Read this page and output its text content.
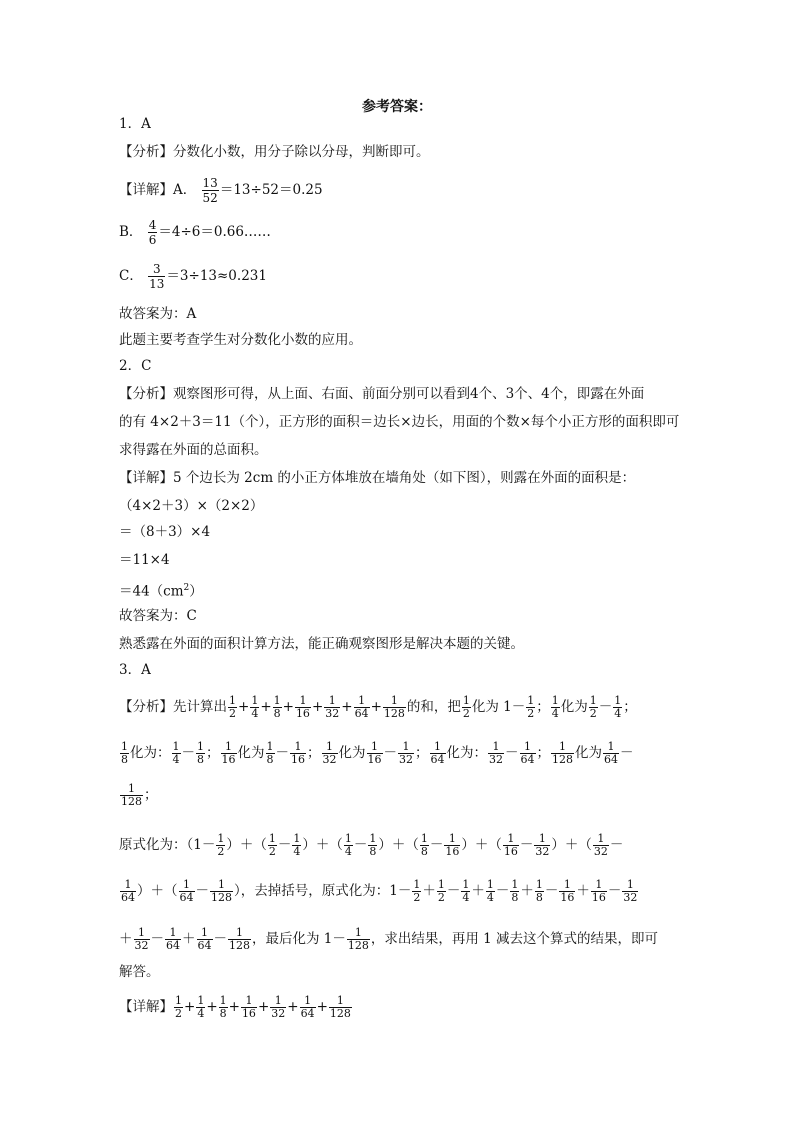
参考答案：
1．A
【分析】分数化小数，用分子除以分母，判断即可。
【详解】A． $\frac{13}{52} =13\div 52=0.25$
B． $\frac{4}{6}$ ＝4÷6＝0.66……
C． $\frac{3}{13} =3\div 13\approx 0.231$
故答案为：A
此题主要考查学生对分数化小数的应用。
2．C
【分析】观察图形可得，从上面、右面、前面分别可以看到4个、3个、4个，即露在外面
的有 4×2＋3＝11（个），正方形的面积＝边长×边长，用面的个数×每个小正方形的面积即可
求得露在外面的总面积。
【详解】5 个边长为 2cm 的小正方体堆放在墙角处（如下图），则露在外面的面积是：
（4×2＋3）×（2×2）
＝（8＋3）×4
＝11×4
$=44(cm^2)$
故答案为：C
熟悉露在外面的面积计算方法，能正确观察图形是解决本题的关键。
3．A
【分析】先计算出 $\frac{1}{2} + \frac{1}{4} + \frac{1}{8} + \frac{1}{16} + \frac{1}{32} + \frac{1}{64} + \frac{1}{128}$ 的和，把 $\frac{1}{2}$ 化为 $1- \frac{1}{2}$ ； $\frac{1}{4}$ 化为 $\frac{1}{2} - \frac{1}{4}$ ；
$\frac{1}{8}$ 化为： $\frac{1}{4} - \frac{1}{8}$ ； $\frac{1}{16}$ 化为 $\frac{1}{8} - \frac{1}{16}$ ； $\frac{1}{32}$ 化为 $\frac{1}{16} - \frac{1}{32}$ ； $\frac{1}{64}$ 化为： $\frac{1}{32} - \frac{1}{64}$ ； $\frac{1}{128}$ 化为 $\frac{1}{64}$ －
$\frac{1}{128}$ ；
原式化为：（$1- \frac{1}{2}$ ）＋（ $\frac{1}{2} - \frac{1}{4}$ ）＋（ $\frac{1}{4} - \frac{1}{8}$ ）＋（ $\frac{1}{8} - \frac{1}{16}$ ）＋（ $\frac{1}{16} - \frac{1}{32}$ ）＋（ $\frac{1}{32}$ －
$\frac{1}{64}$ ）＋（ $\frac{1}{64} - \frac{1}{128}$ ），去掉括号，原式化为：$1- \frac{1}{2} + \frac{1}{2} - \frac{1}{4} + \frac{1}{4} - \frac{1}{8} + \frac{1}{8} - \frac{1}{16} + \frac{1}{16} - \frac{1}{32}$
＋ $\frac{1}{32} - \frac{1}{64} + \frac{1}{64} - \frac{1}{128}$ ，最后化为 $1- \frac{1}{128}$ ，求出结果，再用 1 减去这个算式的结果，即可
解答。
【详解】 $\frac{1}{2} + \frac{1}{4} + \frac{1}{8} + \frac{1}{16} + \frac{1}{32} + \frac{1}{64} + \frac{1}{128}$
